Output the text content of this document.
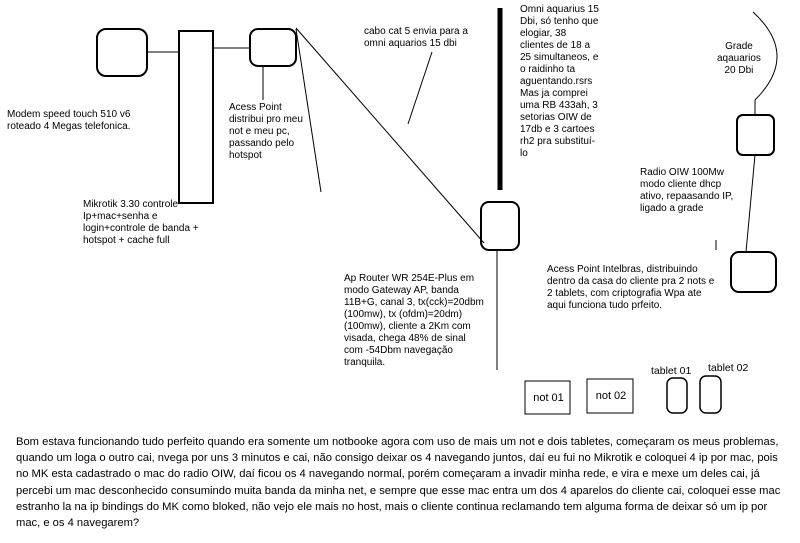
Modem speed touch 510 v6
roteado 4 Megas telefonica.
Mikrotik 3.30 controle
Ip+mac+senha e
login+controle de banda +
hotspot + cache full
Acess Point
distribui pro meu
not e meu pc,
passando pelo
hotspot
cabo cat 5 envia para a
omni aquarios 15 dbi
Omni aquarius 15
Dbi, só tenho que
elogiar, 38
clientes de 18 a
25 simultaneos, e
o raidinho ta
aguentando.rsrs
Mas ja comprei
uma RB 433ah, 3
setorias OIW de
17db e 3 cartoes
rh2 pra substituí-
lo
Grade
aqauarios
20 Dbi
Radio OIW 100Mw
modo cliente dhcp
ativo, repaasando IP,
ligado a grade
Ap Router WR 254E-Plus em
modo Gateway AP, banda
11B+G, canal 3, tx(cck)=20dbm
(100mw), tx (ofdm)=20dm)
(100mw), cliente a 2Km com
visada, chega 48% de sinal
com -54Dbm navegação
tranquila.
Acess Point Intelbras, distribuindo
dentro da casa do cliente pra 2 nots e
2 tablets, com criptografia Wpa ate
aqui funciona tudo prfeito.
not 01	not 02
tablet 01 tablet 02
Bom estava funcionando tudo perfeito quando era somente um notbooke agora com uso de mais um not e dois tabletes, começaram os meus problemas, quando um loga o outro cai, nvega por uns 3 minutos e cai, não consigo deixar os 4 navegando juntos, daí eu fui no Mikrotik e coloquei 4 ip por mac, pois no MK esta cadastrado o mac do radio OIW, daí ficou os 4 navegando normal, porém começaram a invadir minha rede, e vira e mexe um deles cai, já percebi um mac desconhecido consumindo muita banda da minha net, e sempre que esse mac entra um dos 4 aparelos do cliente cai, coloquei esse mac estranho la na ip bindings do MK como bloked, não vejo ele mais no host, mais o cliente continua reclamando tem alguma forma de deixar só um ip por mac, e os 4 navegarem?
